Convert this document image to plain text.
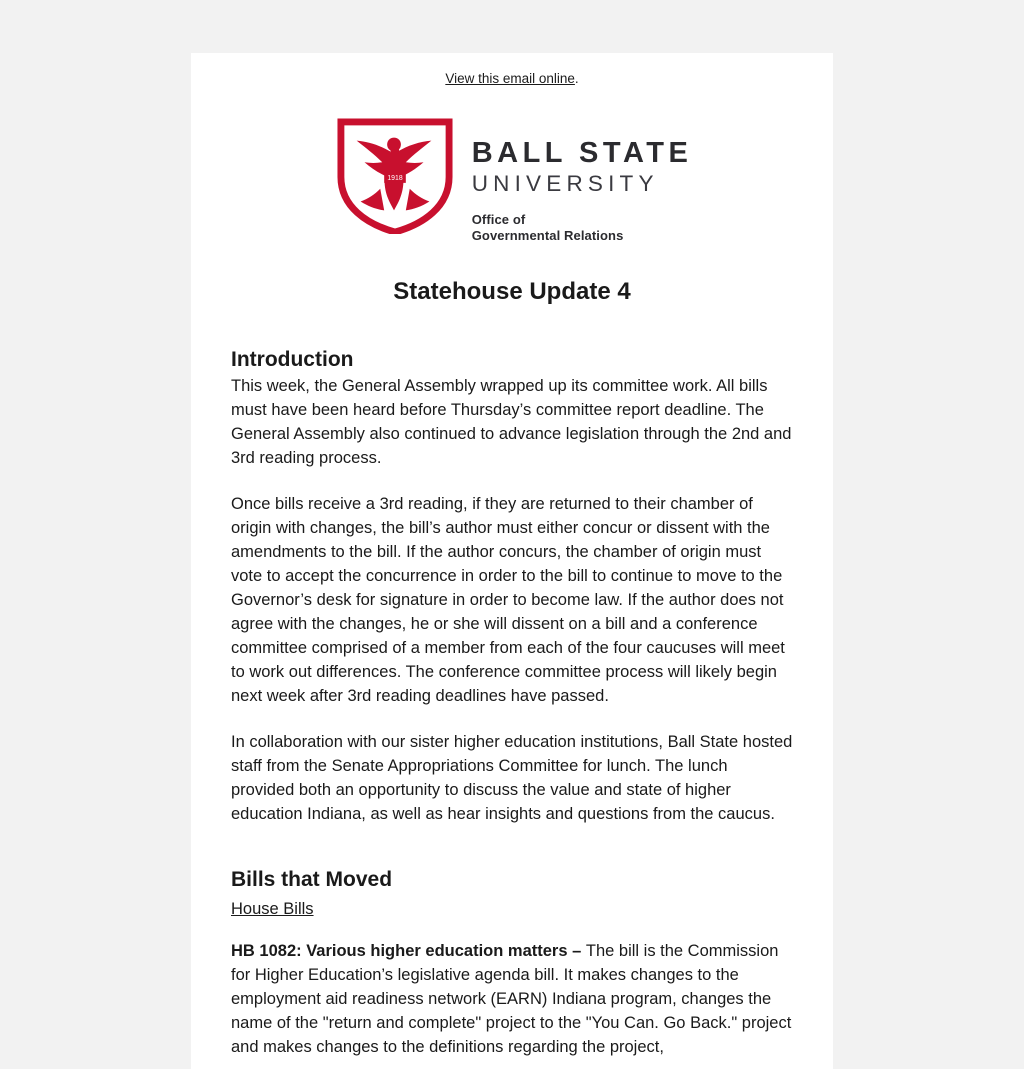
View this email online.
1918
BALL STATE
UNIVERSITY
Office of
Governmental Relations
Statehouse Update 4
Introduction

This week, the General Assembly wrapped up its committee work. All bills must have been heard before Thursday’s committee report deadline. The General Assembly also continued to advance legislation through the 2nd and 3rd reading process.

Once bills receive a 3rd reading, if they are returned to their chamber of origin with changes, the bill’s author must either concur or dissent with the amendments to the bill. If the author concurs, the chamber of origin must vote to accept the concurrence in order to the bill to continue to move to the Governor’s desk for signature in order to become law. If the author does not agree with the changes, he or she will dissent on a bill and a conference committee comprised of a member from each of the four caucuses will meet to work out differences. The conference committee process will likely begin next week after 3rd reading deadlines have passed.

In collaboration with our sister higher education institutions, Ball State hosted staff from the Senate Appropriations Committee for lunch. The lunch provided both an opportunity to discuss the value and state of higher education Indiana, as well as hear insights and questions from the caucus.

Bills that Moved
House Bills

HB 1082: Various higher education matters – The bill is the Commission for Higher Education’s legislative agenda bill. It makes changes to the employment aid readiness network (EARN) Indiana program, changes the name of the "return and complete" project to the "You Can. Go Back." project and makes changes to the definitions regarding the project,
